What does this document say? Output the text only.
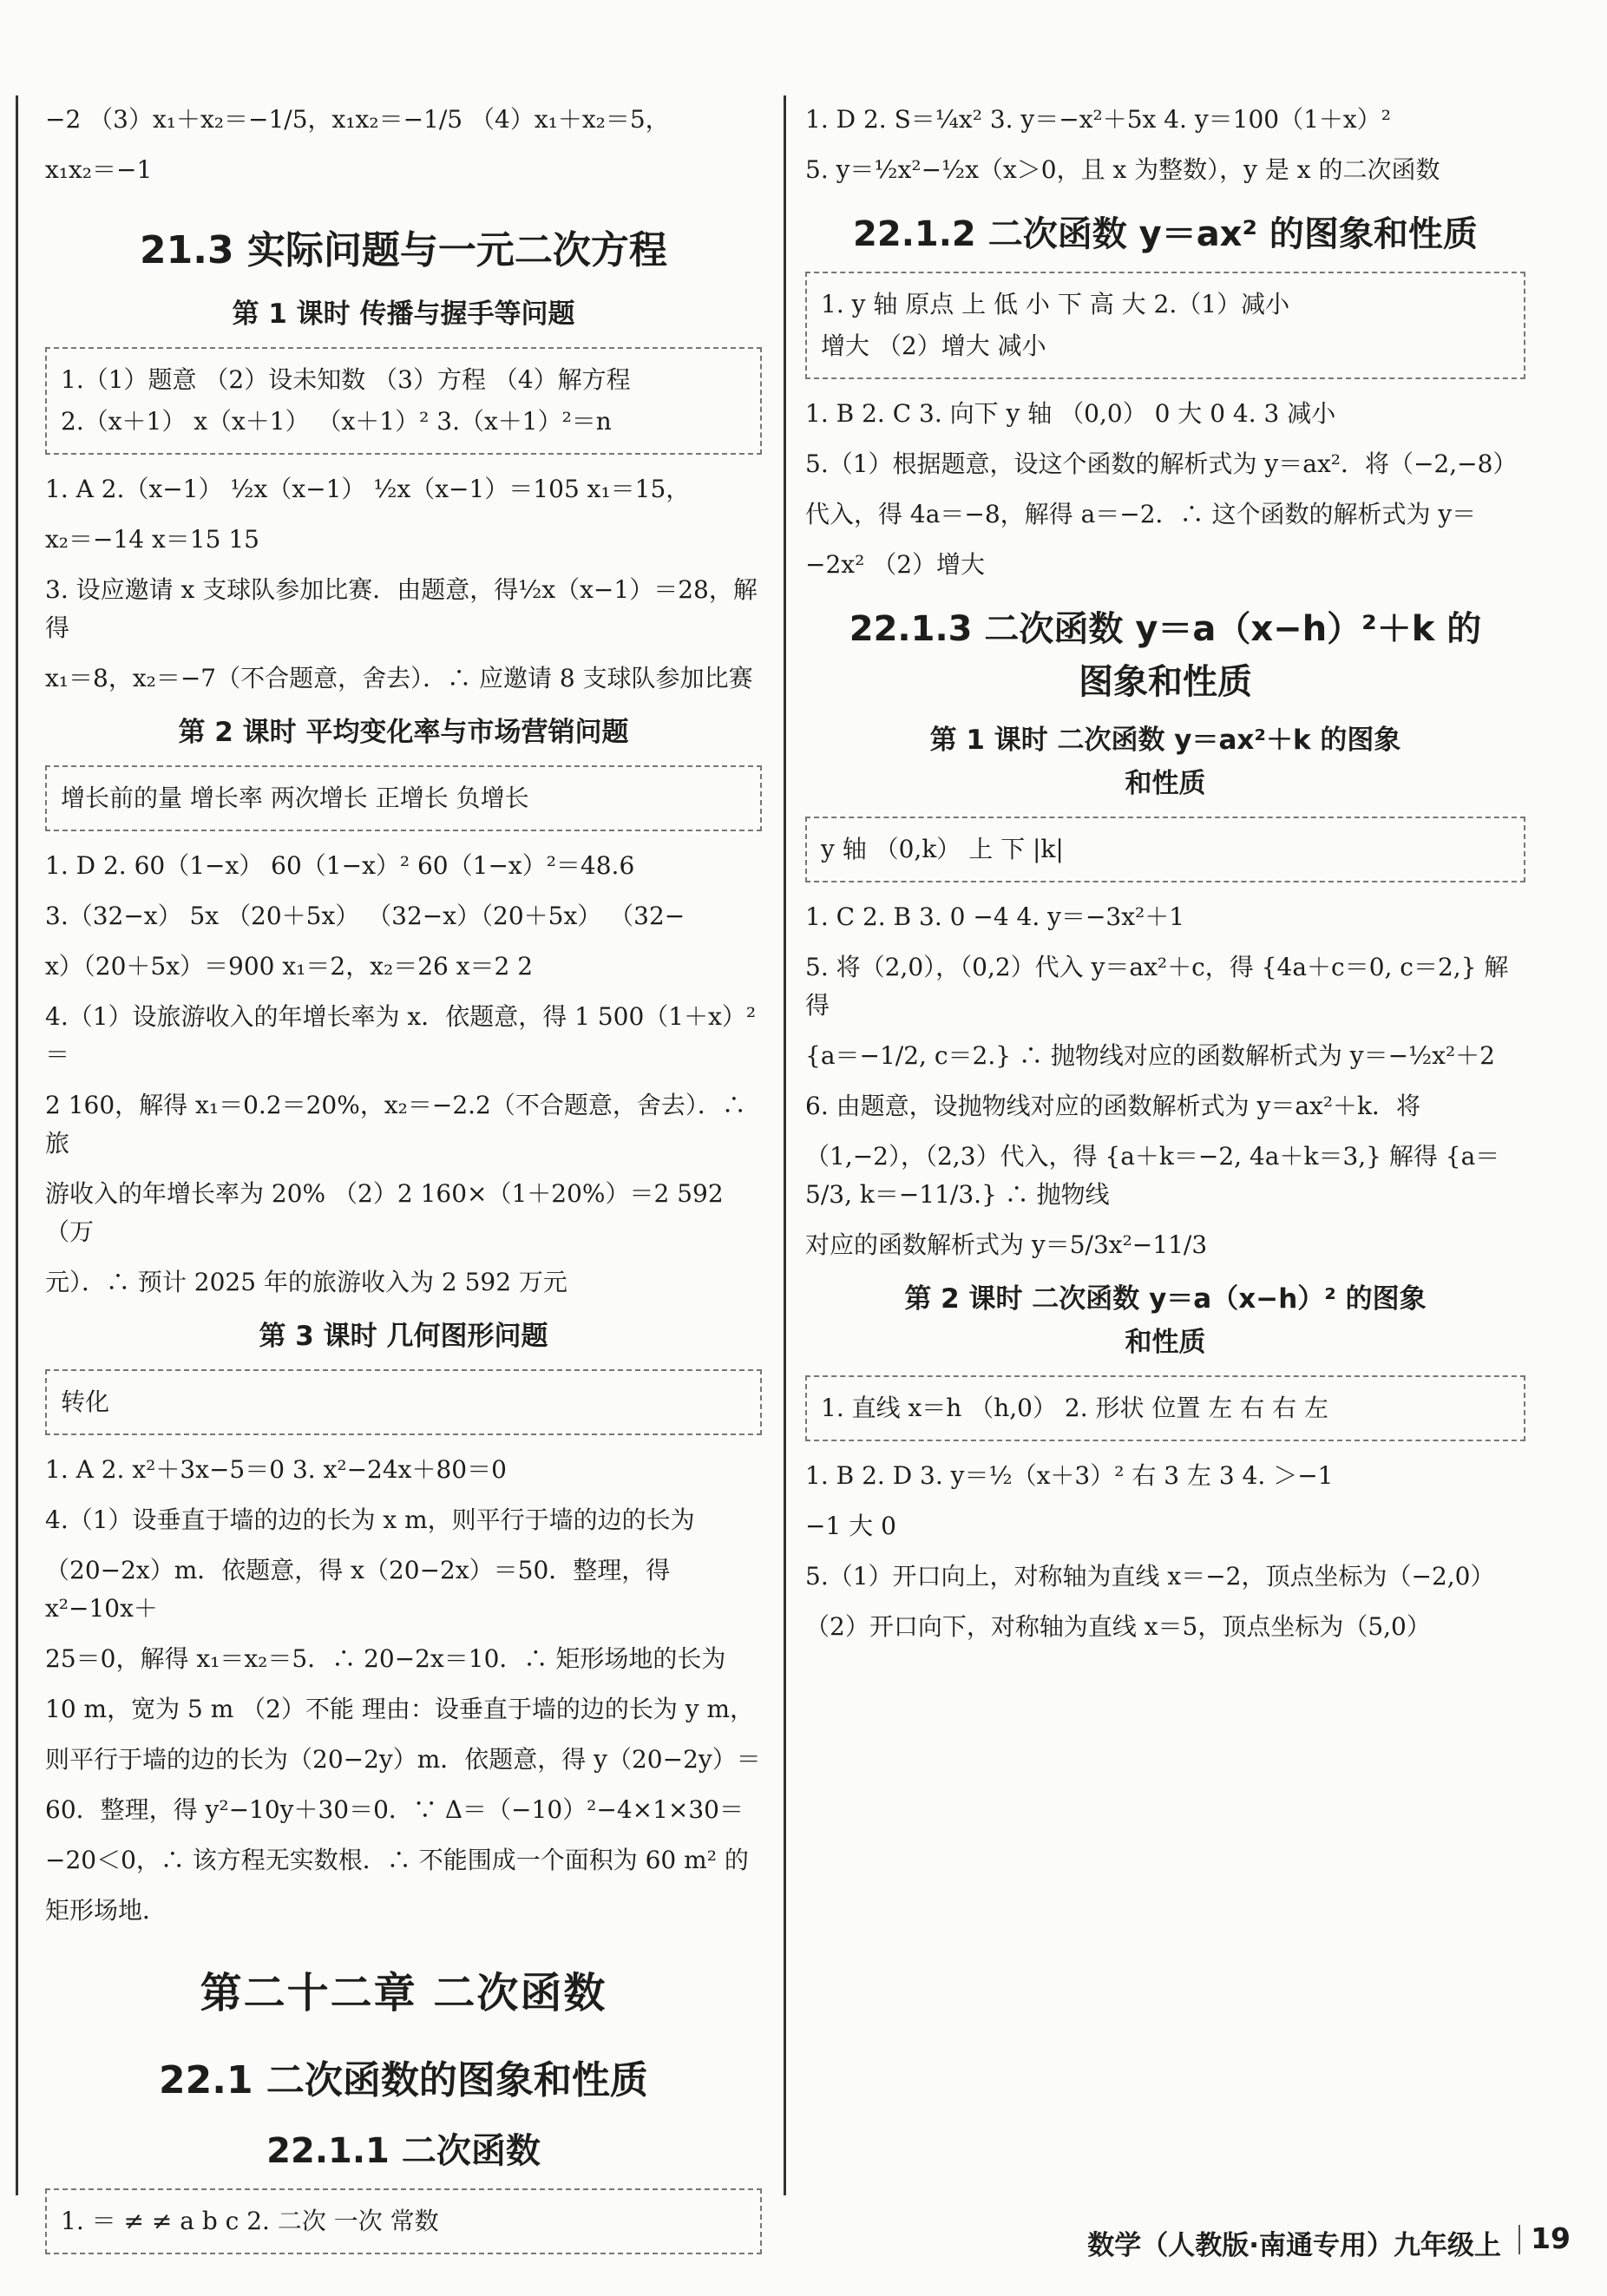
−2 （3）x₁＋x₂＝−1/5，x₁x₂＝−1/5 （4）x₁＋x₂＝5，
x₁x₂＝−1
21.3 实际问题与一元二次方程
第 1 课时 传播与握手等问题
1.（1）题意 （2）设未知数 （3）方程 （4）解方程
2.（x＋1） x（x＋1） （x＋1）² 3.（x＋1）²＝n
1. A 2.（x−1） ½x（x−1） ½x（x−1）＝105 x₁＝15，
x₂＝−14 x＝15 15
3. 设应邀请 x 支球队参加比赛．由题意，得½x（x−1）＝28，解得
x₁＝8，x₂＝−7（不合题意，舍去）．∴ 应邀请 8 支球队参加比赛
第 2 课时 平均变化率与市场营销问题
增长前的量 增长率 两次增长 正增长 负增长
1. D 2. 60（1−x） 60（1−x）² 60（1−x）²＝48.6
3.（32−x） 5x （20＋5x） （32−x）（20＋5x） （32−
x）（20＋5x）＝900 x₁＝2，x₂＝26 x＝2 2
4.（1）设旅游收入的年增长率为 x．依题意，得 1 500（1＋x）²＝
2 160，解得 x₁＝0.2＝20%，x₂＝−2.2（不合题意，舍去）．∴ 旅
游收入的年增长率为 20% （2）2 160×（1＋20%）＝2 592（万
元）．∴ 预计 2025 年的旅游收入为 2 592 万元
第 3 课时 几何图形问题
转化
1. A 2. x²＋3x−5＝0 3. x²−24x＋80＝0
4.（1）设垂直于墙的边的长为 x m，则平行于墙的边的长为
（20−2x）m．依题意，得 x（20−2x）＝50．整理，得 x²−10x＋
25＝0，解得 x₁＝x₂＝5．∴ 20−2x＝10．∴ 矩形场地的长为
10 m，宽为 5 m （2）不能 理由：设垂直于墙的边的长为 y m，
则平行于墙的边的长为（20−2y）m．依题意，得 y（20−2y）＝
60．整理，得 y²−10y＋30＝0．∵ Δ＝（−10）²−4×1×30＝
−20＜0，∴ 该方程无实数根．∴ 不能围成一个面积为 60 m² 的
矩形场地．
第二十二章 二次函数
22.1 二次函数的图象和性质
22.1.1 二次函数
1. ＝ ≠ ≠ a b c 2. 二次 一次 常数
1. D 2. S＝¼x² 3. y＝−x²＋5x 4. y＝100（1＋x）²
5. y＝½x²−½x（x＞0，且 x 为整数），y 是 x 的二次函数
22.1.2 二次函数 y＝ax² 的图象和性质
1. y 轴 原点 上 低 小 下 高 大 2.（1）减小
增大 （2）增大 减小
1. B 2. C 3. 向下 y 轴 （0,0） 0 大 0 4. 3 减小
5.（1）根据题意，设这个函数的解析式为 y＝ax²．将（−2,−8）
代入，得 4a＝−8，解得 a＝−2．∴ 这个函数的解析式为 y＝
−2x² （2）增大
22.1.3 二次函数 y＝a（x−h）²＋k 的
图象和性质
第 1 课时 二次函数 y＝ax²＋k 的图象
和性质
y 轴 （0,k） 上 下 |k|
1. C 2. B 3. 0 −4 4. y＝−3x²＋1
5. 将（2,0），（0,2）代入 y＝ax²＋c，得 {4a＋c＝0, c＝2,} 解得
{a＝−1/2, c＝2.} ∴ 抛物线对应的函数解析式为 y＝−½x²＋2
6. 由题意，设抛物线对应的函数解析式为 y＝ax²＋k．将
（1,−2），（2,3）代入，得 {a＋k＝−2, 4a＋k＝3,} 解得 {a＝5/3, k＝−11/3.} ∴ 抛物线
对应的函数解析式为 y＝5/3x²−11/3
第 2 课时 二次函数 y＝a（x−h）² 的图象
和性质
1. 直线 x＝h （h,0） 2. 形状 位置 左 右 右 左
1. B 2. D 3. y＝½（x＋3）² 右 3 左 3 4. ＞−1
−1 大 0
5.（1）开口向上，对称轴为直线 x＝−2，顶点坐标为（−2,0）
（2）开口向下，对称轴为直线 x＝5，顶点坐标为（5,0）
数学（人教版·南通专用）九年级上 19
